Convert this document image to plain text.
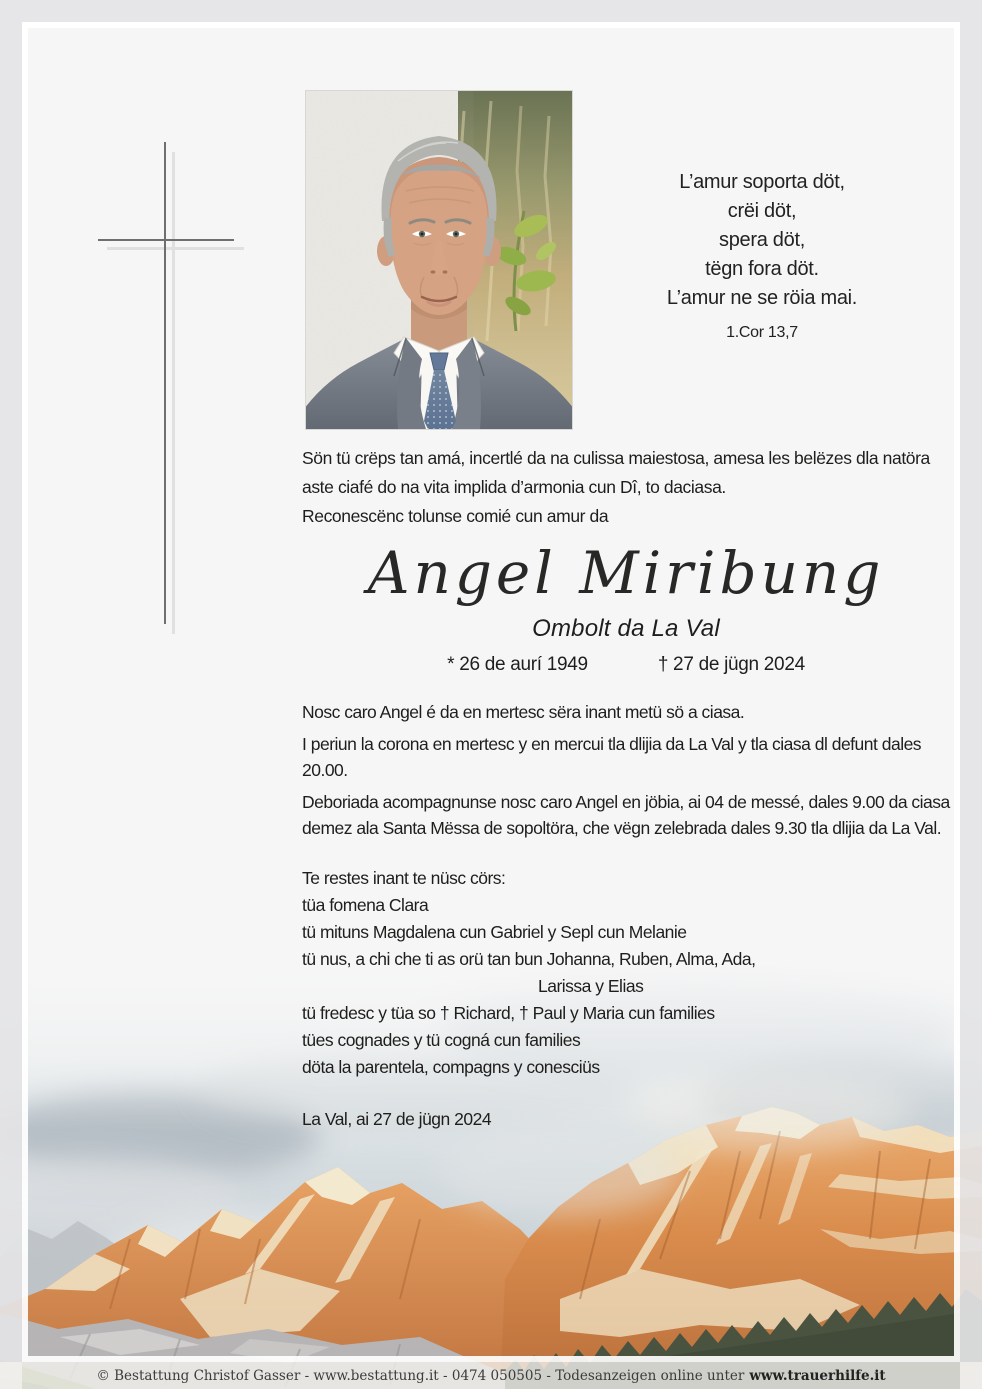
L’amur soporta döt,
crëi döt,
spera döt,
tëgn fora döt.
L’amur ne se röia mai.
1.Cor 13,7
Sön tü crëps tan amá, incertlé da na culissa maiestosa, amesa les belëzes dla natöra aste ciafé do na vita implida d’armonia cun Dî, to daciasa.
Reconescënc tolunse comié cun amur da
Angel Miribung
Ombolt da La Val
* 26 de aurí 1949	† 27 de jügn 2024

Nosc caro Angel é da en mertesc sëra inant metü sö a ciasa.

I periun la corona en mertesc y en mercui tla dlijia da La Val y tla ciasa dl defunt dales 20.00.

Deboriada acompagnunse nosc caro Angel en jöbia, ai 04 de messé, dales 9.00 da ciasa demez ala Santa Mëssa de sopoltöra, che vëgn zelebrada dales 9.30 tla dlijia da La Val.

Te restes inant te nüsc cörs:
tüa fomena Clara
tü mituns Magdalena cun Gabriel y Sepl cun Melanie
tü nus, a chi che ti as orü tan bun Johanna, Ruben, Alma, Ada,
Larissa y Elias
tü fredesc y tüa so † Richard, † Paul y Maria cun families
tües cognades y tü cogná cun families
döta la parentela, compagns y conesciüs
La Val, ai 27 de jügn 2024
© Bestattung Christof Gasser - www.bestattung.it - 0474 050505 - Todesanzeigen online unter www.trauerhilfe.it
